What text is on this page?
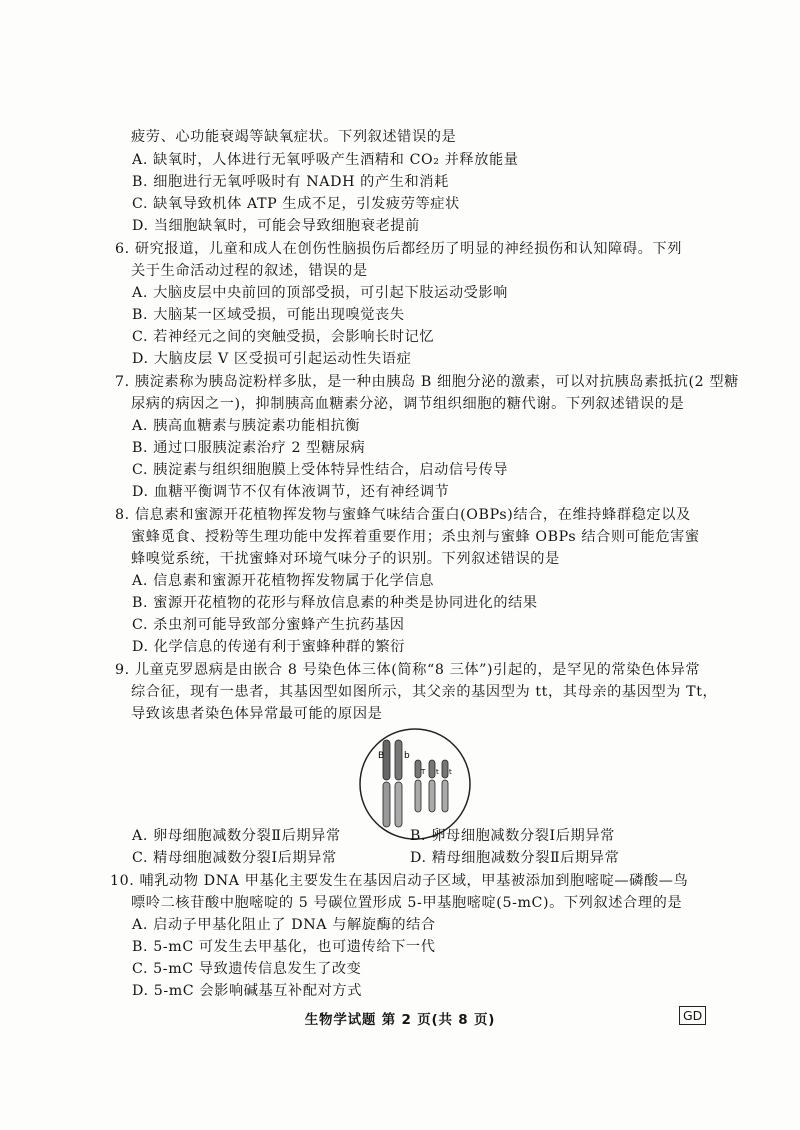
疲劳、心功能衰竭等缺氧症状。下列叙述错误的是
A. 缺氧时，人体进行无氧呼吸产生酒精和 CO₂ 并释放能量
B. 细胞进行无氧呼吸时有 NADH 的产生和消耗
C. 缺氧导致机体 ATP 生成不足，引发疲劳等症状
D. 当细胞缺氧时，可能会导致细胞衰老提前
6. 研究报道，儿童和成人在创伤性脑损伤后都经历了明显的神经损伤和认知障碍。下列
关于生命活动过程的叙述，错误的是
A. 大脑皮层中央前回的顶部受损，可引起下肢运动受影响
B. 大脑某一区域受损，可能出现嗅觉丧失
C. 若神经元之间的突触受损，会影响长时记忆
D. 大脑皮层 V 区受损可引起运动性失语症
7. 胰淀素称为胰岛淀粉样多肽，是一种由胰岛 B 细胞分泌的激素，可以对抗胰岛素抵抗(2 型糖
尿病的病因之一)，抑制胰高血糖素分泌，调节组织细胞的糖代谢。下列叙述错误的是
A. 胰高血糖素与胰淀素功能相抗衡
B. 通过口服胰淀素治疗 2 型糖尿病
C. 胰淀素与组织细胞膜上受体特异性结合，启动信号传导
D. 血糖平衡调节不仅有体液调节，还有神经调节
8. 信息素和蜜源开花植物挥发物与蜜蜂气味结合蛋白(OBPs)结合，在维持蜂群稳定以及
蜜蜂觅食、授粉等生理功能中发挥着重要作用；杀虫剂与蜜蜂 OBPs 结合则可能危害蜜
蜂嗅觉系统，干扰蜜蜂对环境气味分子的识别。下列叙述错误的是
A. 信息素和蜜源开花植物挥发物属于化学信息
B. 蜜源开花植物的花形与释放信息素的种类是协同进化的结果
C. 杀虫剂可能导致部分蜜蜂产生抗药基因
D. 化学信息的传递有利于蜜蜂种群的繁衍
9. 儿童克罗恩病是由嵌合 8 号染色体三体(简称“8 三体”)引起的，是罕见的常染色体异常
综合征，现有一患者，其基因型如图所示，其父亲的基因型为 tt，其母亲的基因型为 Tt，
导致该患者染色体异常最可能的原因是
B b
T t t
A. 卵母细胞减数分裂Ⅱ后期异常	B. 卵母细胞减数分裂Ⅰ后期异常
C. 精母细胞减数分裂Ⅰ后期异常	D. 精母细胞减数分裂Ⅱ后期异常
10. 哺乳动物 DNA 甲基化主要发生在基因启动子区域，甲基被添加到胞嘧啶—磷酸—鸟
嘌呤二核苷酸中胞嘧啶的 5 号碳位置形成 5-甲基胞嘧啶(5-mC)。下列叙述合理的是
A. 启动子甲基化阻止了 DNA 与解旋酶的结合
B. 5-mC 可发生去甲基化，也可遗传给下一代
C. 5-mC 导致遗传信息发生了改变
D. 5-mC 会影响碱基互补配对方式
生物学试题 第 2 页(共 8 页)	GD
